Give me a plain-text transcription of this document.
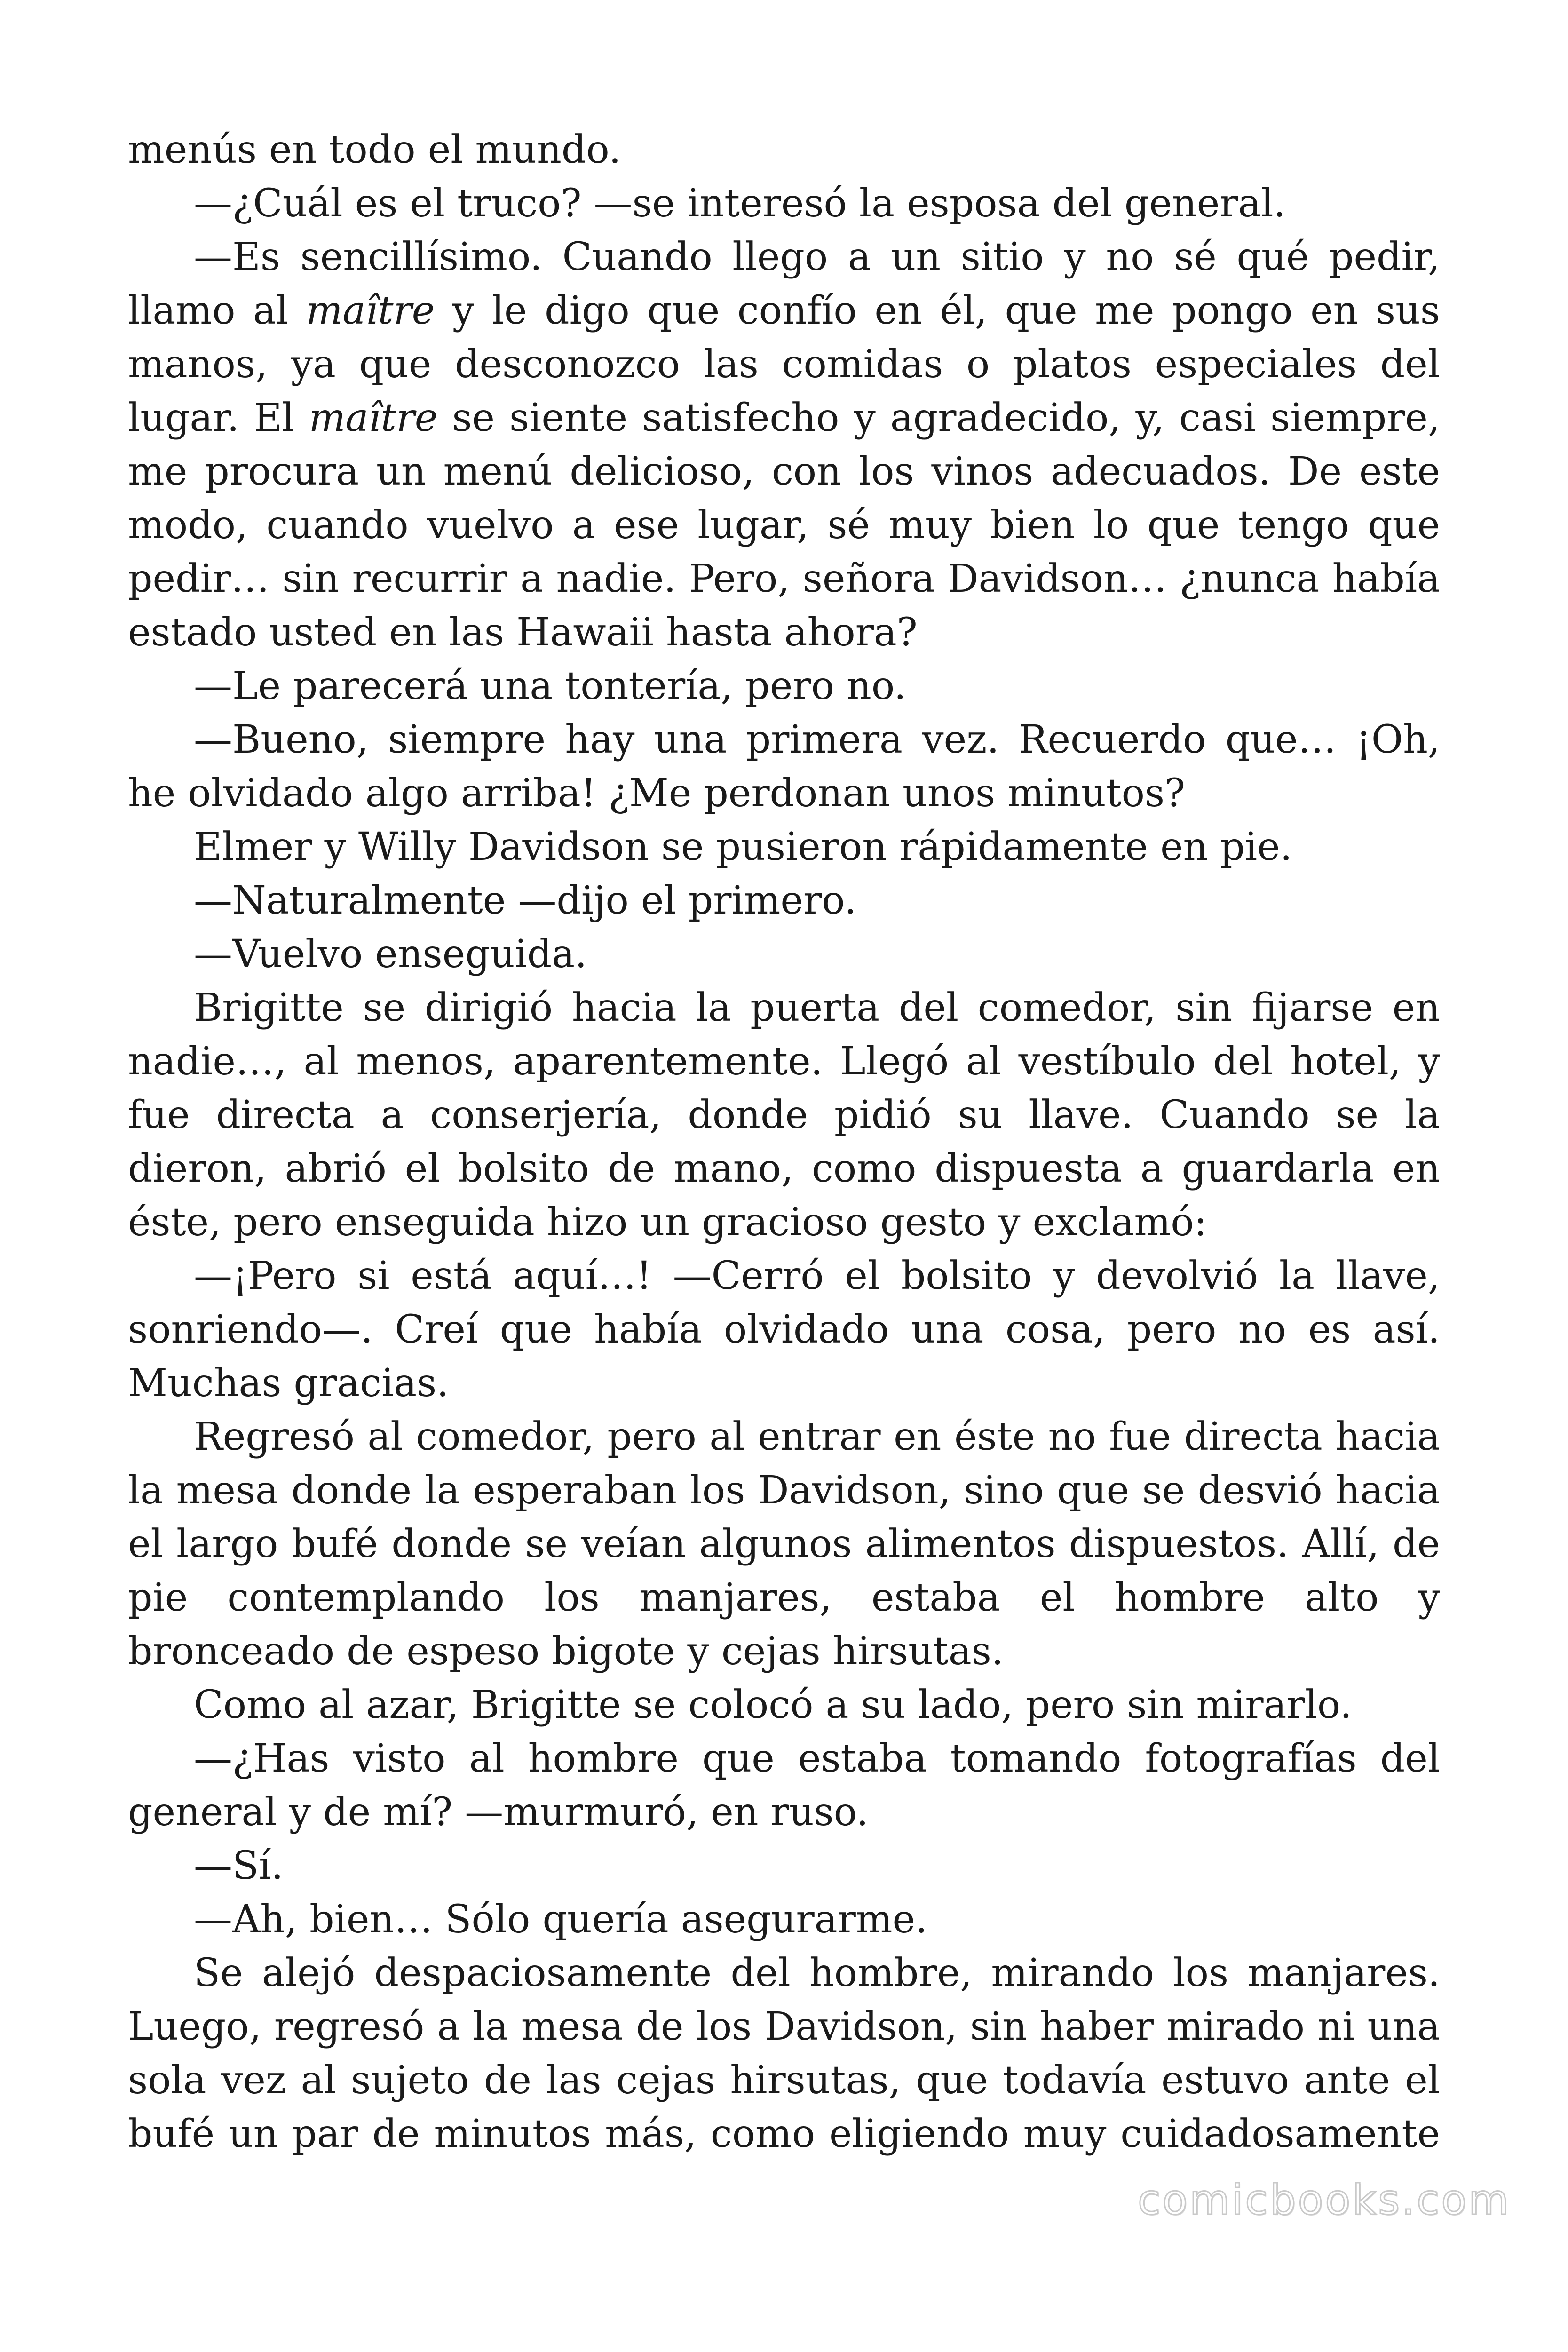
menús en todo el mundo.

—¿Cuál es el truco? —se interesó la esposa del general.

—Es sencillísimo. Cuando llego a un sitio y no sé qué pedir, llamo al maître y le digo que confío en él, que me pongo en sus manos, ya que desconozco las comidas o platos especiales del lugar. El maître se siente satisfecho y agradecido, y, casi siempre, me procura un menú delicioso, con los vinos adecuados. De este modo, cuando vuelvo a ese lugar, sé muy bien lo que tengo que pedir… sin recurrir a nadie. Pero, señora Davidson… ¿nunca había estado usted en las Hawaii hasta ahora?

—Le parecerá una tontería, pero no.

—Bueno, siempre hay una primera vez. Recuerdo que… ¡Oh, he olvidado algo arriba! ¿Me perdonan unos minutos?

Elmer y Willy Davidson se pusieron rápidamente en pie.

—Naturalmente —dijo el primero.

—Vuelvo enseguida.

Brigitte se dirigió hacia la puerta del comedor, sin fijarse en nadie…, al menos, aparentemente. Llegó al vestíbulo del hotel, y fue directa a conserjería, donde pidió su llave. Cuando se la dieron, abrió el bolsito de mano, como dispuesta a guardarla en éste, pero enseguida hizo un gracioso gesto y exclamó:

—¡Pero si está aquí…! —Cerró el bolsito y devolvió la llave, sonriendo—. Creí que había olvidado una cosa, pero no es así. Muchas gracias.

Regresó al comedor, pero al entrar en éste no fue directa hacia la mesa donde la esperaban los Davidson, sino que se desvió hacia el largo bufé donde se veían algunos alimentos dispuestos. Allí, de pie contemplando los manjares, estaba el hombre alto y bronceado de espeso bigote y cejas hirsutas.

Como al azar, Brigitte se colocó a su lado, pero sin mirarlo.

—¿Has visto al hombre que estaba tomando fotografías del general y de mí? —murmuró, en ruso.

—Sí.

—Ah, bien… Sólo quería asegurarme.

Se alejó despaciosamente del hombre, mirando los manjares. Luego, regresó a la mesa de los Davidson, sin haber mirado ni una sola vez al sujeto de las cejas hirsutas, que todavía estuvo ante el bufé un par de minutos más, como eligiendo muy cuidadosamente

comicbooks.com
